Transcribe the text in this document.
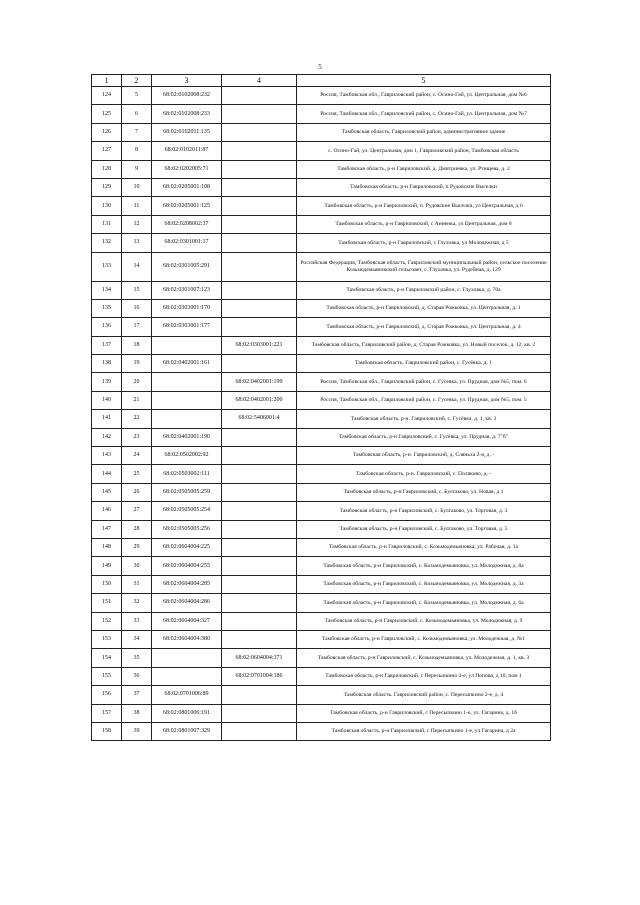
5
1	2	3	4	5
124	5	68:02:0102008:232		Россия, Тамбовская обл., Гавриловский район, с. Осино-Гай, ул. Центральная, дом №6
125	6	68:02:0102008:233		Россия, Тамбовская обл., Гавриловский район, с. Осино-Гай, ул. Центральная, дом №7
126	7	68:02:0102011:135		Тамбовская область, Гавриловский район, административное здание
127	8	68:02:0102011:87		с. Осино-Гай, ул. Центральная, дом 1, Гавриловский район, Тамбовская область
128	9	68:02:0202005:71		Тамбовская область, р-н Гавриловский, д. Дмитриевка, ул. Ртищева, д. 2
129	10	68:02:0205001:108		Тамбовская область, р-н Гавриловский, п Рудовские Выселки
130	11	68:02:0205001:125		Тамбовская область, р-н Гавриловский, п. Рудовские Выселки, ул Центральная, д 6
131	12	68:02:0208002:37		Тамбовская область, р-н Гавриловский, с Анненка, ул Центральная, дом 8
132	13	68:02:0301001:17		Тамбовская область, р-н Гавриловский, с Глуховка, ул Молодежная, д 5
133	14	68:02:0301005:291		Российская Федерация, Тамбовская область, Гавриловский муниципальный район, сельское поселение Козьмодемьяновский сельсовет, с. Глуховка, ул. Рудейная, д. 129
134	15	68:02:0301007:123		Тамбовская область, р-н Гавриловский район, с. Глуховка, д. 70а
135	16	68:02:0303001:170		Тамбовская область, р-н Гавриловский, д. Старая Рожковка, ул. Центральная, д. 1
136	17	68:02:0303001:177		Тамбовская область, р-н Гавриловский, д. Старая Рожковка, ул. Центральная, д. 4
137	18		68:02:0303001:221	Тамбовская область, Гавриловский район, д. Старая Рожковка, ул. Новый поселок, д. 12, кв. 2
138	19	68:02:0402001:161		Тамбовская область, Гавриловский район, с. Гусёвка, д. 1
139	20		68:02:0402001:199	Россия, Тамбовская обл., Гавриловский район, с. Гусевка, ул. Прудная, дом №5, пом. 6
140	21		68:02:0402001:200	Россия, Тамбовская обл., Гавриловский район, с. Гусевка, ул. Прудная, дом №5, пом. 5
141	22		68:02:5406001:4	Тамбовская область, р-н. Гавриловский, с. Гусёвка. д. 1, кв. 3
142	23	68:02:0402001:190		Тамбовская область, р-н Гавриловский, с. Гусёвка, ул. Прудная, д. 7"б"
143	24	68:02:0502002:92		Тамбовская область, р-н. Гавриловский, д. Сляньха 2-я, д. -
144	25	68:02:0503002:111		Тамбовская область, р-н. Гавриловский, с. Поляково, д. -
145	26	68:02:0505005:259		Тамбовская область, р-н Гавриловский, с. Булгаково, ул. Новая, д 1
146	27	68:02:0505005:254		Тамбовская область, р-н Гавриловский, с. Булгаково, ул. Торговая, д. 3
147	28	68:02:0505005:256		Тамбовская область, р-н Гавриловский, с. Булгаково, ул. Торговая, д. 5
148	29	68:02:0604004:225		Тамбовская область, р-н Гавриловский, с. Козьмодемьяновка, ул. Рабочая, д. 1а
149	30	68:02:0604004:255		Тамбовская область, р-н Гавриловский, с. Козьмодемьяновка, ул. Молодежная, д. 8а
150	31	68:02:0604004:285		Тамбовская область, р-н Гавриловский, с. Козьмодемьяновка, ул. Молодежная, д. 3а
151	32	68:02:0604004:286		Тамбовская область, р-н Гавриловский, с. Козьмодемьяновка, ул. Молодежная, д. 6а
152	33	68:02:0604004:327		Тамбовская область, р-н Гавриловский, с. Козьмодемьяновка, ул. Молодежная, д. 9
153	34	68:02:0604004:380		Тамбовская область, р-н Гавриловский, с. Козьмодемьяновка, ул. Молодежная, д. №1
154	35		68:02:0604004:371	Тамбовская область, р-н Гавриловский, с. Козьмодемьяновка, ул. Молодежная, д. 1, кв. 3
155	36		68:02:0701004:186	Тамбовская область, р-н Гавриловский, с Пересыпкино 2-е, ул Попова, д 10, пом 1
156	37	68:02:0701006:89		Тамбовская область. Гавриловский район, с. Пересыпкино 2-е, д. 4
157	38	68:02:0801006:191		Тамбовская область, р-н Гавриловский, с Пересыпкино 1-е, ул. Гагарина, д. 1б
158	39	68:02:0801007:329		Тамбовская область, р-н Гавриловский, с Пересыпкино 1-е, ул Гагарина, д 2а
